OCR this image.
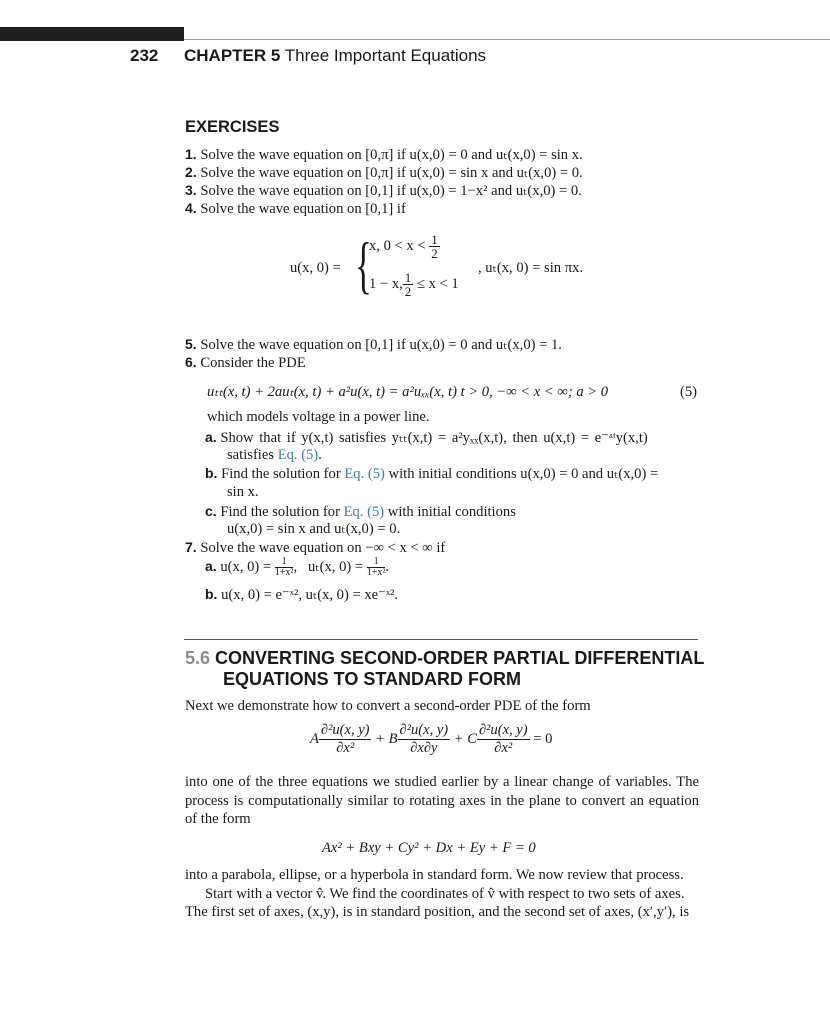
232 CHAPTER 5 Three Important Equations
EXERCISES
1. Solve the wave equation on [0,π] if u(x,0) = 0 and uₜ(x,0) = sin x.
2. Solve the wave equation on [0,π] if u(x,0) = sin x and uₜ(x,0) = 0.
3. Solve the wave equation on [0,1] if u(x,0) = 1−x² and uₜ(x,0) = 0.
4. Solve the wave equation on [0,1] if
u(x, 0) = {
x, $0 < x < \frac{1}{2}$
1 − x, $\frac{1}{2} \le x < 1$
, uₜ(x, 0) = sin πx.
5. Solve the wave equation on [0,1] if u(x,0) = 0 and uₜ(x,0) = 1.
6. Consider the PDE
uₜₜ(x, t) + 2auₜ(x, t) + a²u(x, t) = a²uₓₓ(x, t) t > 0, −∞ < x < ∞; a > 0	(5)
which models voltage in a power line.
a. Show that if y(x,t) satisfies yₜₜ(x,t) = a²yₓₓ(x,t), then u(x,t) = e⁻ᵃᵗy(x,t)
satisfies Eq. (5).
b. Find the solution for Eq. (5) with initial conditions u(x,0) = 0 and uₜ(x,0) =
sin x.
c. Find the solution for Eq. (5) with initial conditions
u(x,0) = sin x and uₜ(x,0) = 0.
7. Solve the wave equation on −∞ < x < ∞ if
a. u(x, $0) = \frac{1}{\text{1+x²}}$ ,   uₜ(x, $0) = \frac{1}{\text{1+x²}}$ .
b. u(x, 0) = e⁻ˣ², uₜ(x, 0) = xe⁻ˣ².
5.6 CONVERTING SECOND-ORDER PARTIAL DIFFERENTIAL
EQUATIONS TO STANDARD FORM
Next we demonstrate how to convert a second-order PDE of the form
A $\frac{\text{∂²u(x, y)}}{\text{∂x²}} + B \frac{\text{∂²u(x, y)}}{\partial x\partial y} + C \frac{\text{∂²u(x, y)}}{\text{∂x²}} = 0$
into one of the three equations we studied earlier by a linear change of variables. The process is computationally similar to rotating axes in the plane to convert an equation of the form
Ax² + Bxy + Cy² + Dx + Ey + F = 0
into a parabola, ellipse, or a hyperbola in standard form. We now review that process.
Start with a vector v̂. We find the coordinates of v̂ with respect to two sets of axes.
The first set of axes, (x,y), is in standard position, and the second set of axes, (x′,y′), is
